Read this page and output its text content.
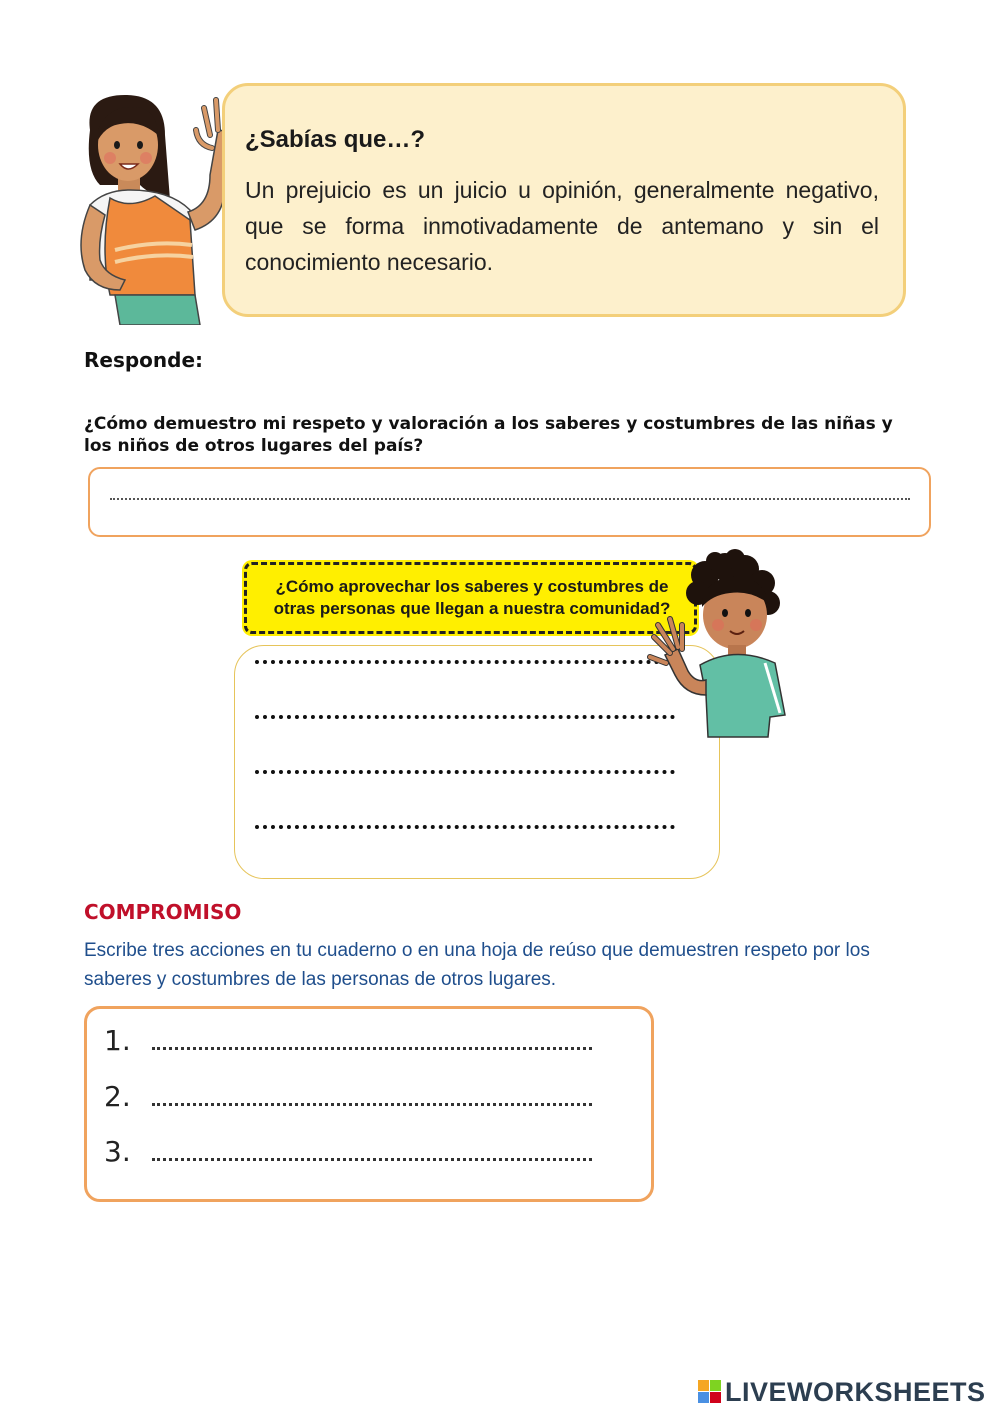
¿Sabías que…?
Un prejuicio es un juicio u opinión, generalmente negativo, que se forma inmotivadamente de antemano y sin el conocimiento necesario.
Responde:
¿Cómo demuestro mi respeto y valoración a los saberes y costumbres de las niñas y los niños de otros lugares del país?
¿Cómo aprovechar los saberes y costumbres de otras personas que llegan a nuestra comunidad?
COMPROMISO
Escribe tres acciones en tu cuaderno o en una hoja de reúso que demuestren respeto por los saberes y costumbres de las personas de otros lugares.
1.
2.
3.
LIVEWORKSHEETS
